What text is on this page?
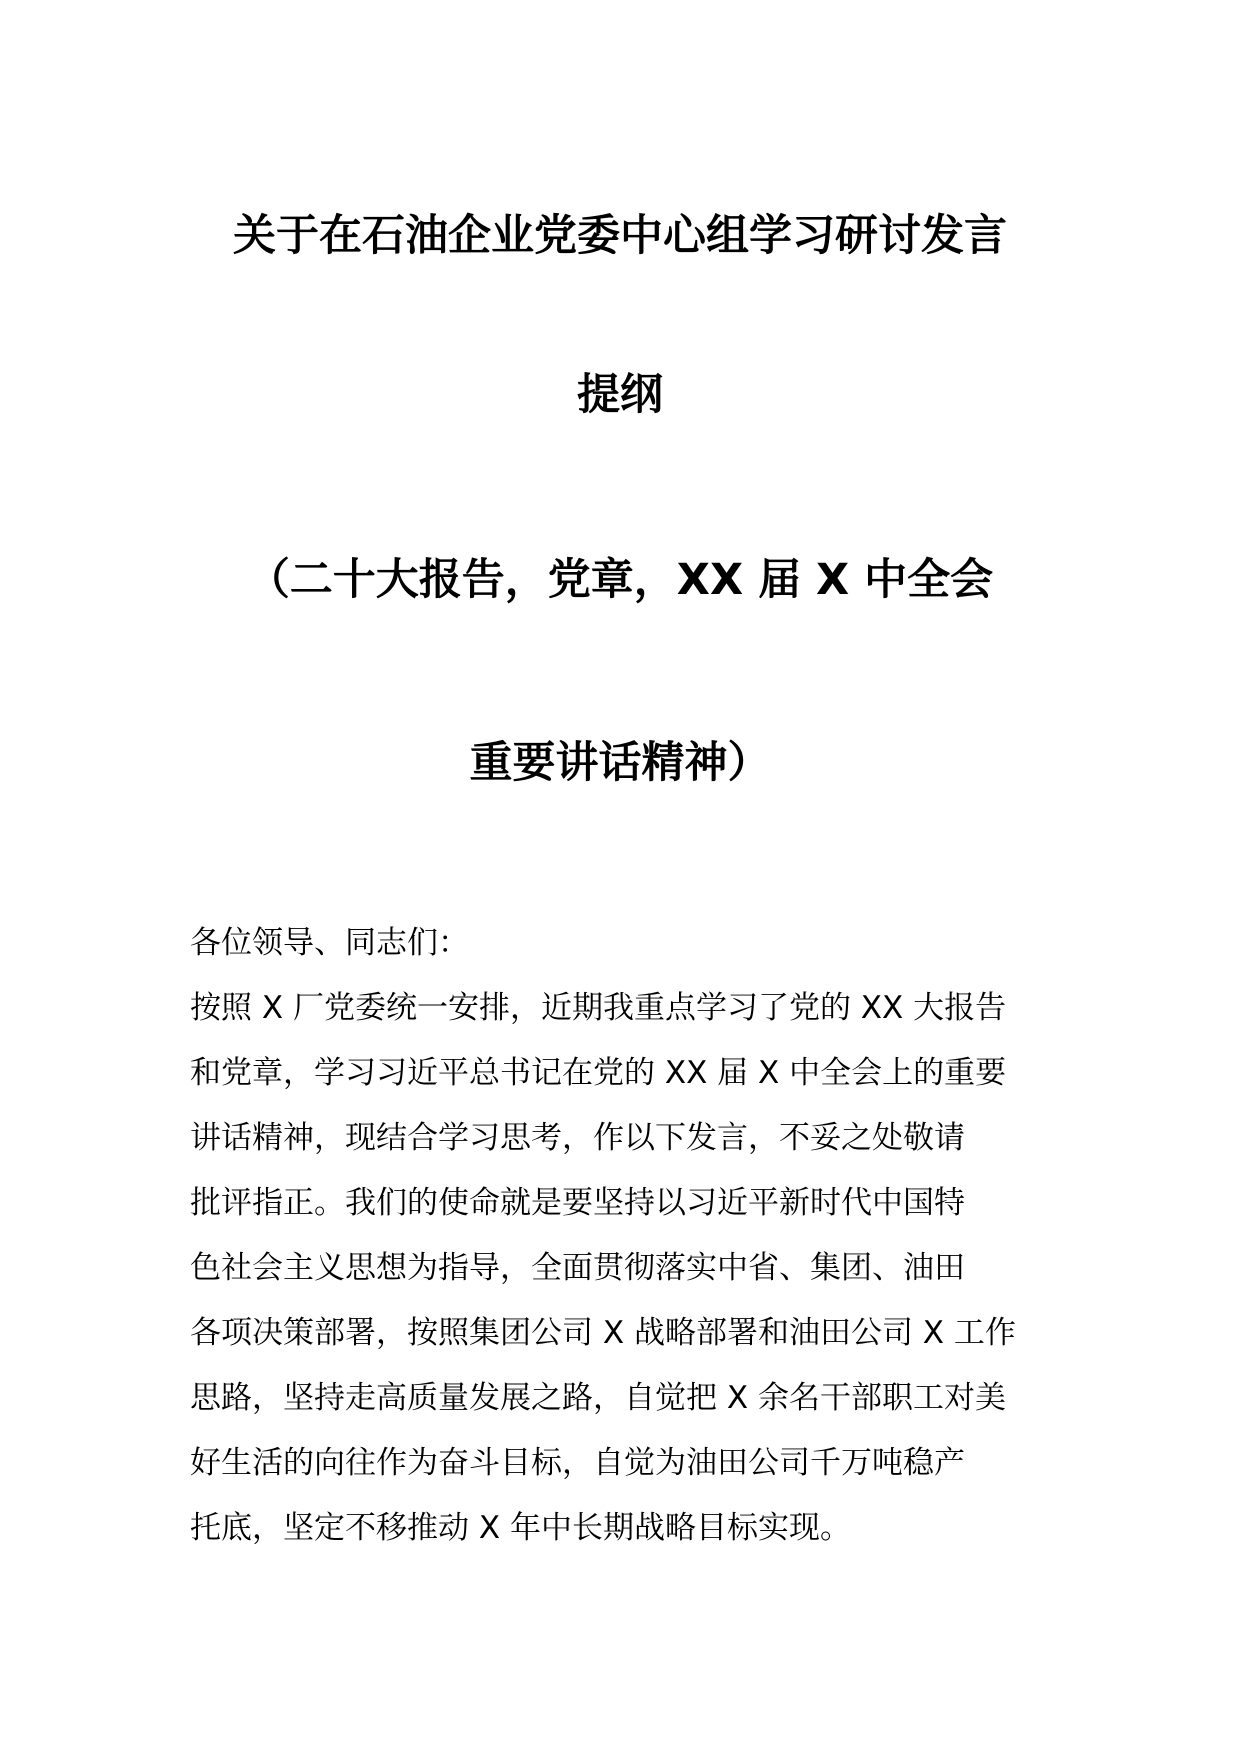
关于在石油企业党委中心组学习研讨发言
提纲
（二十大报告，党章，XX 届 X 中全会
重要讲话精神）
各位领导、同志们：
按照 X 厂党委统一安排，近期我重点学习了党的 XX 大报告
和党章，学习习近平总书记在党的 XX 届 X 中全会上的重要
讲话精神，现结合学习思考，作以下发言，不妥之处敬请
批评指正。我们的使命就是要坚持以习近平新时代中国特
色社会主义思想为指导，全面贯彻落实中省、集团、油田
各项决策部署，按照集团公司 X 战略部署和油田公司 X 工作
思路，坚持走高质量发展之路，自觉把 X 余名干部职工对美
好生活的向往作为奋斗目标，自觉为油田公司千万吨稳产
托底，坚定不移推动 X 年中长期战略目标实现。
